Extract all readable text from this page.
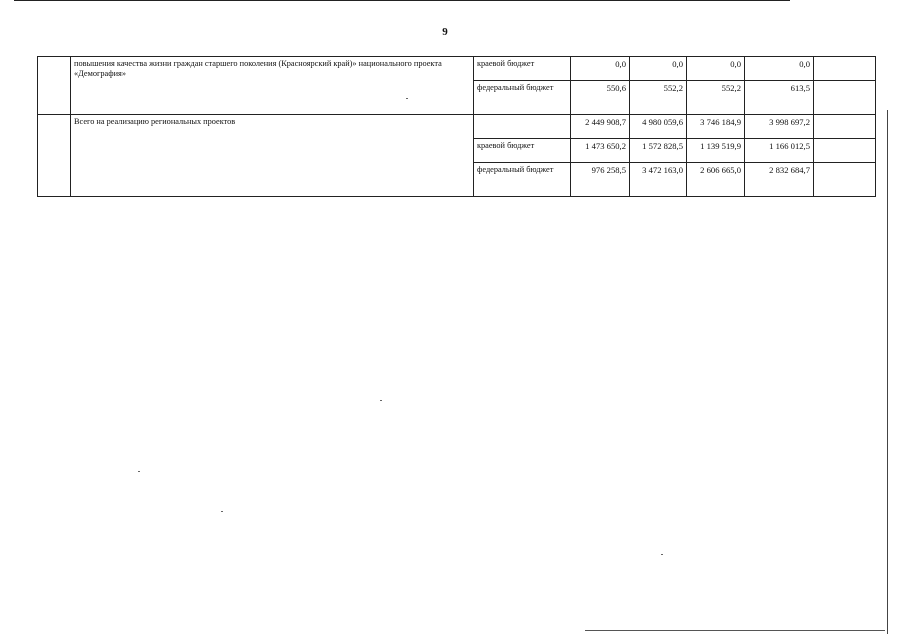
9
	повышения качества жизни граждан старшего поколения (Красноярский край)» национального проекта «Демография»	краевой бюджет	0,0	0,0	0,0	0,0	
		федеральный бюджет	550,6	552,2	552,2	613,5	
	Всего на реализацию региональных проектов		2 449 908,7	4 980 059,6	3 746 184,9	3 998 697,2	
		краевой бюджет	1 473 650,2	1 572 828,5	1 139 519,9	1 166 012,5	
		федеральный бюджет	976 258,5	3 472 163,0	2 606 665,0	2 832 684,7	
